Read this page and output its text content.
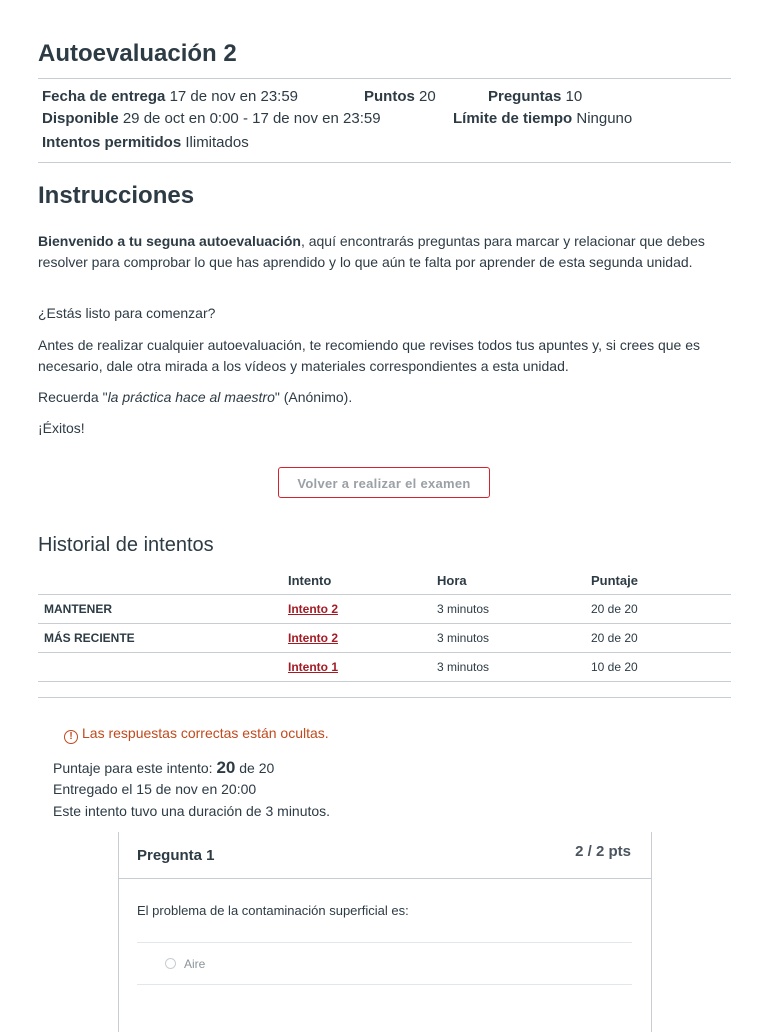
Autoevaluación 2
Fecha de entrega 17 de nov en 23:59	Puntos 20	Preguntas 10
Disponible 29 de oct en 0:00 - 17 de nov en 23:59	Límite de tiempo Ninguno
Intentos permitidos Ilimitados
Instrucciones

Bienvenido a tu seguna autoevaluación, aquí encontrarás preguntas para marcar y relacionar que debes resolver para comprobar lo que has aprendido y lo que aún te falta por aprender de esta segunda unidad.

¿Estás listo para comenzar?

Antes de realizar cualquier autoevaluación, te recomiendo que revises todos tus apuntes y, si crees que es necesario, dale otra mirada a los vídeos y materiales correspondientes a esta unidad.

Recuerda "la práctica hace al maestro" (Anónimo).

¡Éxitos!

Volver a realizar el examen
Historial de intentos
	Intento	Hora	Puntaje
MANTENER	Intento 2	3 minutos	20 de 20
MÁS RECIENTE	Intento 2	3 minutos	20 de 20
	Intento 1	3 minutos	10 de 20
! Las respuestas correctas están ocultas.
Puntaje para este intento: 20 de 20
Entregado el 15 de nov en 20:00
Este intento tuvo una duración de 3 minutos.
Pregunta 1	2 / 2 pts
El problema de la contaminación superficial es:
Aire
